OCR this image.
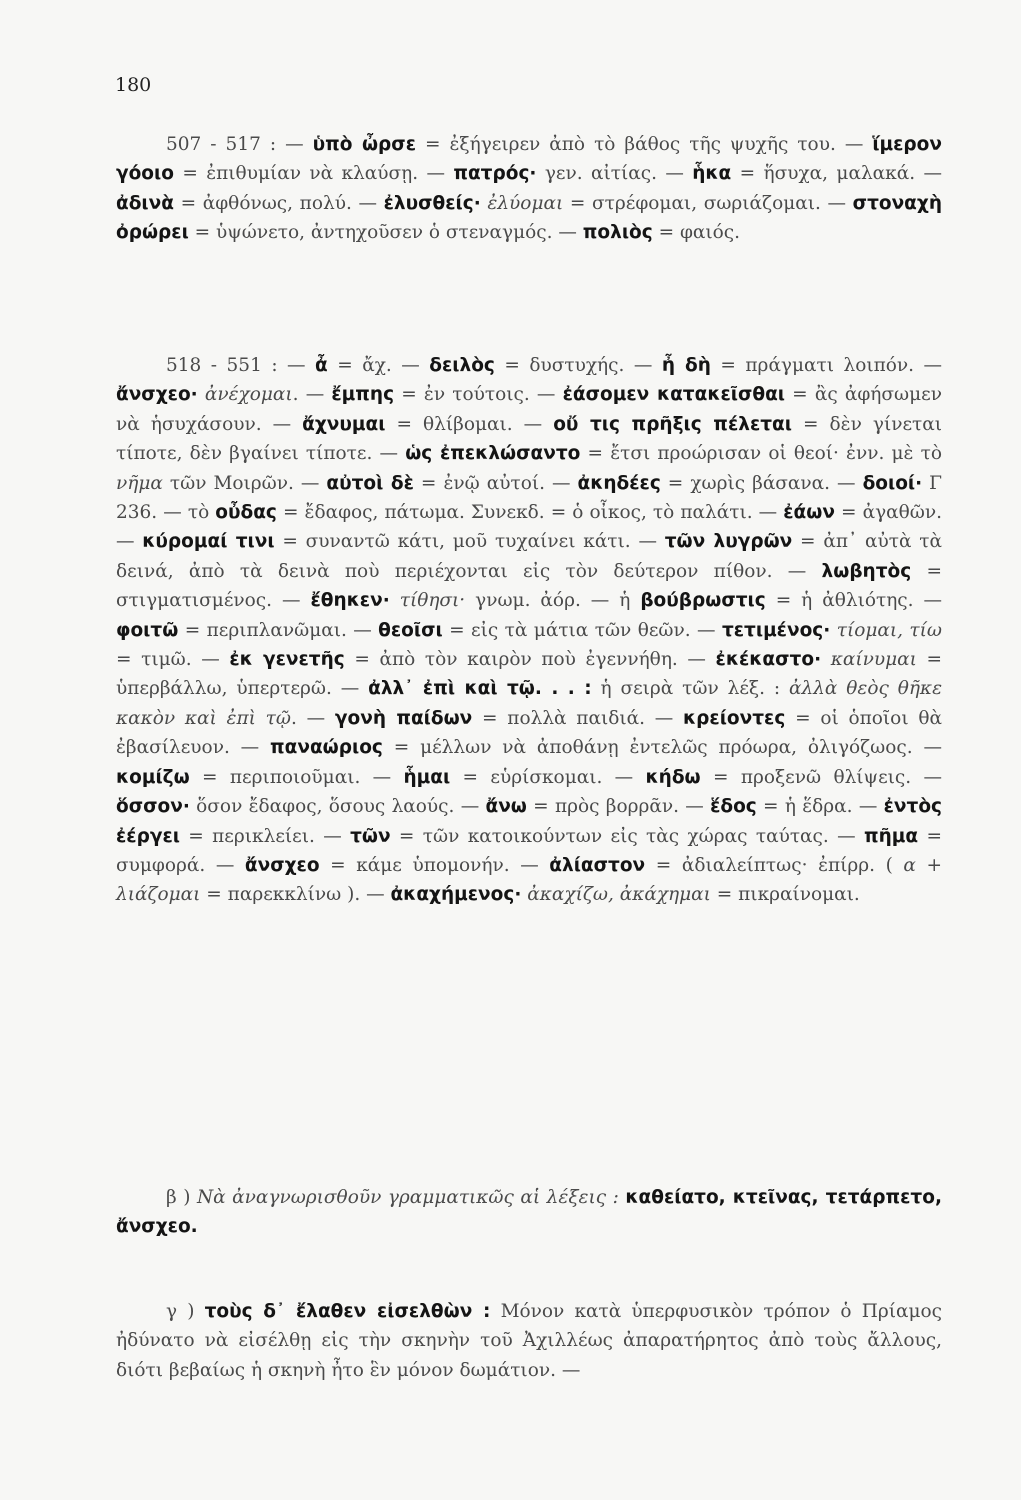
180
507 - 517 : — ὑπὸ ὦρσε = ἐξήγειρεν ἀπὸ τὸ βάθος τῆς ψυχῆς του. — ἵμερον γόοιο = ἐπιθυμίαν νὰ κλαύσῃ. — πατρός· γεν. αἰτίας. — ἧκα = ἥσυχα, μαλακά. — ἀδινὰ = ἀφθόνως, πολύ. — ἐλυσθείς· ἐλύομαι = στρέφομαι, σωριάζομαι. — στοναχὴ ὀρώρει = ὑψώνετο, ἀντηχοῦσεν ὁ στεναγμός. — πολιὸς = φαιός.
518 - 551 : — ἆ = ἄχ. — δειλὸς = δυστυχής. — ἦ δὴ = πράγματι λοιπόν. — ἄνσχεο· ἀνέχομαι. — ἔμπης = ἐν τούτοις. — ἐάσομεν κατακεῖσθαι = ἂς ἀφήσωμεν νὰ ἡσυχάσουν. — ἄχνυμαι = θλίβομαι. — οὔ τις πρῆξις πέλεται = δὲν γίνεται τίποτε, δὲν βγαίνει τίποτε. — ὡς ἐπεκλώσαντο = ἔτσι προώρισαν οἱ θεοί· ἐνν. μὲ τὸ νῆμα τῶν Μοιρῶν. — αὐτοὶ δὲ = ἐνῷ αὐτοί. — ἀκηδέες = χωρὶς βάσανα. — δοιοί· Γ 236. — τὸ οὖδας = ἔδαφος, πάτωμα. Συνεκδ. = ὁ οἶκος, τὸ παλάτι. — ἐάων = ἀγαθῶν. — κύρομαί τινι = συναντῶ κάτι, μοῦ τυχαίνει κάτι. — τῶν λυγρῶν = ἀπ᾽ αὐτὰ τὰ δεινά, ἀπὸ τὰ δεινὰ ποὺ περιέχονται εἰς τὸν δεύτερον πίθον. — λωβητὸς = στιγματισμένος. — ἔθηκεν· τίθησι· γνωμ. ἀόρ. — ἡ βούβρωστις = ἡ ἀθλιότης. — φοιτῶ = περιπλανῶμαι. — θεοῖσι = εἰς τὰ μάτια τῶν θεῶν. — τετιμένος· τίομαι, τίω = τιμῶ. — ἐκ γενετῆς = ἀπὸ τὸν καιρὸν ποὺ ἐγεννήθη. — ἐκέκαστο· καίνυμαι = ὑπερβάλλω, ὑπερτερῶ. — ἀλλ᾽ ἐπὶ καὶ τῷ. . . : ἡ σειρὰ τῶν λέξ. : ἀλλὰ θεὸς θῆκε κακὸν καὶ ἐπὶ τῷ. — γονὴ παίδων = πολλὰ παιδιά. — κρείοντες = οἱ ὁποῖοι θὰ ἐβασίλευον. — παναώριος = μέλλων νὰ ἀποθάνῃ ἐντελῶς πρόωρα, ὀλιγόζωος. — κομίζω = περιποιοῦμαι. — ἧμαι = εὑρίσκομαι. — κήδω = προξενῶ θλίψεις. — ὅσσον· ὅσον ἔδαφος, ὅσους λαούς. — ἄνω = πρὸς βορρᾶν. — ἕδος = ἡ ἕδρα. — ἐντὸς ἐέργει = περικλείει. — τῶν = τῶν κατοικούντων εἰς τὰς χώρας ταύτας. — πῆμα = συμφορά. — ἄνσχεο = κάμε ὑπομονήν. — ἀλίαστον = ἀδιαλείπτως· ἐπίρρ. ( α + λιάζομαι = παρεκκλίνω ). — ἀκαχήμενος· ἀκαχίζω, ἀκάχημαι = πικραίνομαι.
β ) Νὰ ἀναγνωρισθοῦν γραμματικῶς αἱ λέξεις : καθείατο, κτεῖνας, τετάρπετο, ἄνσχεο.
γ ) τοὺς δ᾽ ἔλαθεν εἰσελθὼν : Μόνον κατὰ ὑπερφυσικὸν τρόπον ὁ Πρίαμος ἠδύνατο νὰ εἰσέλθῃ εἰς τὴν σκηνὴν τοῦ Ἀχιλλέως ἀπαρατήρητος ἀπὸ τοὺς ἄλλους, διότι βεβαίως ἡ σκηνὴ ἦτο ἓν μόνον δωμάτιον. —
